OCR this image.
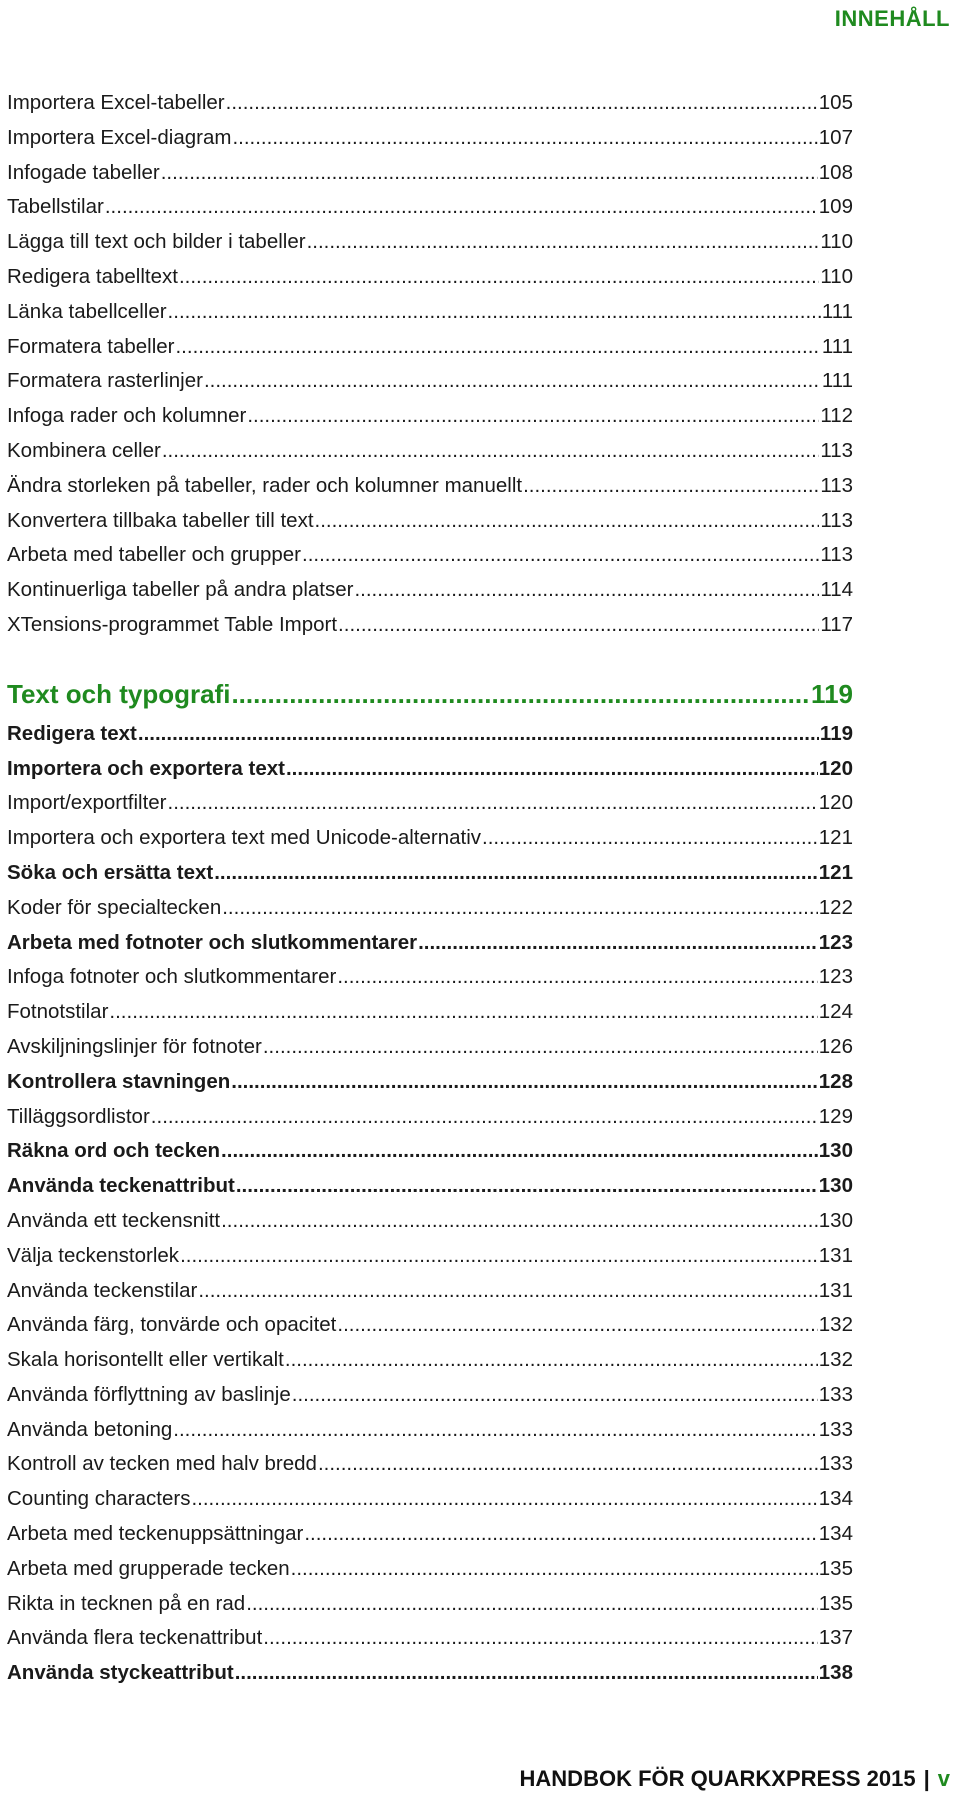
INNEHÅLL
Importera Excel-tabeller .....	105
Importera Excel-diagram .....	107
Infogade tabeller .....	108
Tabellstilar .....	109
Lägga till text och bilder i tabeller .....	110
Redigera tabelltext .....	110
Länka tabellceller .....	111
Formatera tabeller .....	111
Formatera rasterlinjer .....	111
Infoga rader och kolumner .....	112
Kombinera celler .....	113
Ändra storleken på tabeller, rader och kolumner manuellt .....	113
Konvertera tillbaka tabeller till text .....	113
Arbeta med tabeller och grupper .....	113
Kontinuerliga tabeller på andra platser .....	114
XTensions-programmet Table Import .....	117
Text och typografi .....	119
Redigera text .....	119
Importera och exportera text .....	120
Import/exportfilter .....	120
Importera och exportera text med Unicode-alternativ .....	121
Söka och ersätta text .....	121
Koder för specialtecken .....	122
Arbeta med fotnoter och slutkommentarer .....	123
Infoga fotnoter och slutkommentarer .....	123
Fotnotstilar .....	124
Avskiljningslinjer för fotnoter .....	126
Kontrollera stavningen .....	128
Tilläggsordlistor .....	129
Räkna ord och tecken .....	130
Använda teckenattribut .....	130
Använda ett teckensnitt .....	130
Välja teckenstorlek .....	131
Använda teckenstilar .....	131
Använda färg, tonvärde och opacitet .....	132
Skala horisontellt eller vertikalt .....	132
Använda förflyttning av baslinje .....	133
Använda betoning .....	133
Kontroll av tecken med halv bredd .....	133
Counting characters .....	134
Arbeta med teckenuppsättningar .....	134
Arbeta med grupperade tecken .....	135
Rikta in tecknen på en rad .....	135
Använda flera teckenattribut .....	137
Använda styckeattribut .....	138
HANDBOK FÖR QUARKXPRESS 2015 | v
